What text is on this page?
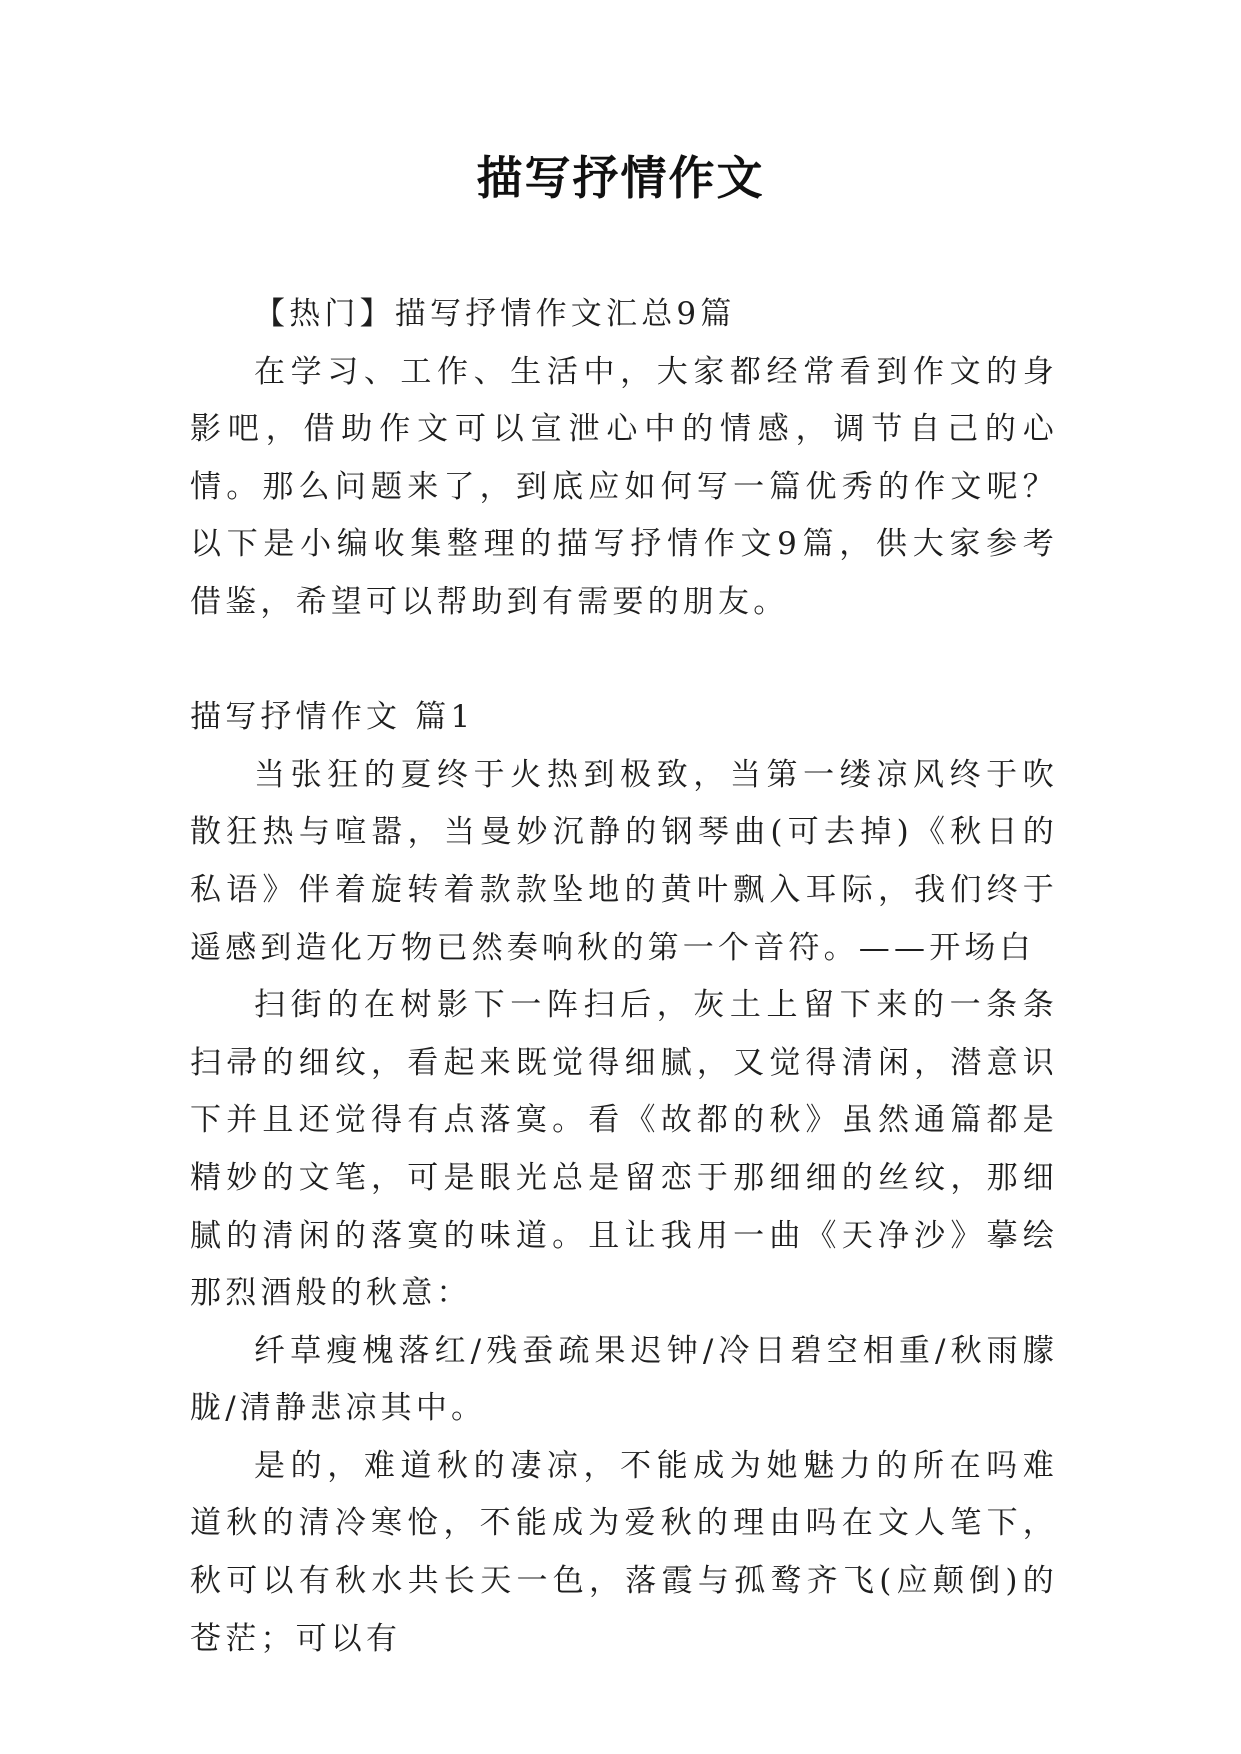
描写抒情作文

【热门】描写抒情作文汇总9篇

在学习、工作、生活中，大家都经常看到作文的身影吧，借助作文可以宣泄心中的情感，调节自己的心情。那么问题来了，到底应如何写一篇优秀的作文呢？以下是小编收集整理的描写抒情作文9篇，供大家参考借鉴，希望可以帮助到有需要的朋友。

描写抒情作文 篇1

当张狂的夏终于火热到极致，当第一缕凉风终于吹散狂热与喧嚣，当曼妙沉静的钢琴曲(可去掉)《秋日的私语》伴着旋转着款款坠地的黄叶飘入耳际，我们终于遥感到造化万物已然奏响秋的第一个音符。——开场白

扫街的在树影下一阵扫后，灰土上留下来的一条条扫帚的细纹，看起来既觉得细腻，又觉得清闲，潜意识下并且还觉得有点落寞。看《故都的秋》虽然通篇都是精妙的文笔，可是眼光总是留恋于那细细的丝纹，那细腻的清闲的落寞的味道。且让我用一曲《天净沙》摹绘那烈酒般的秋意：

纤草瘦槐落红/残蚕疏果迟钟/冷日碧空相重/秋雨朦胧/清静悲凉其中。

是的，难道秋的凄凉，不能成为她魅力的所在吗难道秋的清冷寒怆，不能成为爱秋的理由吗在文人笔下，秋可以有秋水共长天一色，落霞与孤鹜齐飞(应颠倒)的苍茫；可以有
